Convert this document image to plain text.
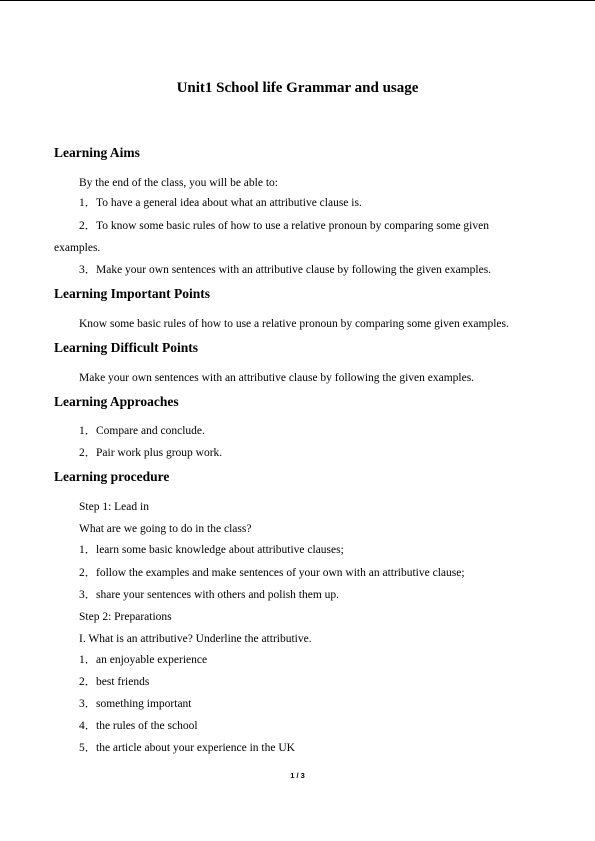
Unit1 School life Grammar and usage
Learning Aims
By the end of the class, you will be able to:
1．To have a general idea about what an attributive clause is.
2．To know some basic rules of how to use a relative pronoun by comparing some given
examples.
3．Make your own sentences with an attributive clause by following the given examples.
Learning Important Points
Know some basic rules of how to use a relative pronoun by comparing some given examples.
Learning Difficult Points
Make your own sentences with an attributive clause by following the given examples.
Learning Approaches
1．Compare and conclude.
2．Pair work plus group work.
Learning procedure
Step 1: Lead in
What are we going to do in the class?
1．learn some basic knowledge about attributive clauses;
2．follow the examples and make sentences of your own with an attributive clause;
3．share your sentences with others and polish them up.
Step 2: Preparations
I. What is an attributive? Underline the attributive.
1．an enjoyable experience
2．best friends
3．something important
4．the rules of the school
5．the article about your experience in the UK
1 / 3
